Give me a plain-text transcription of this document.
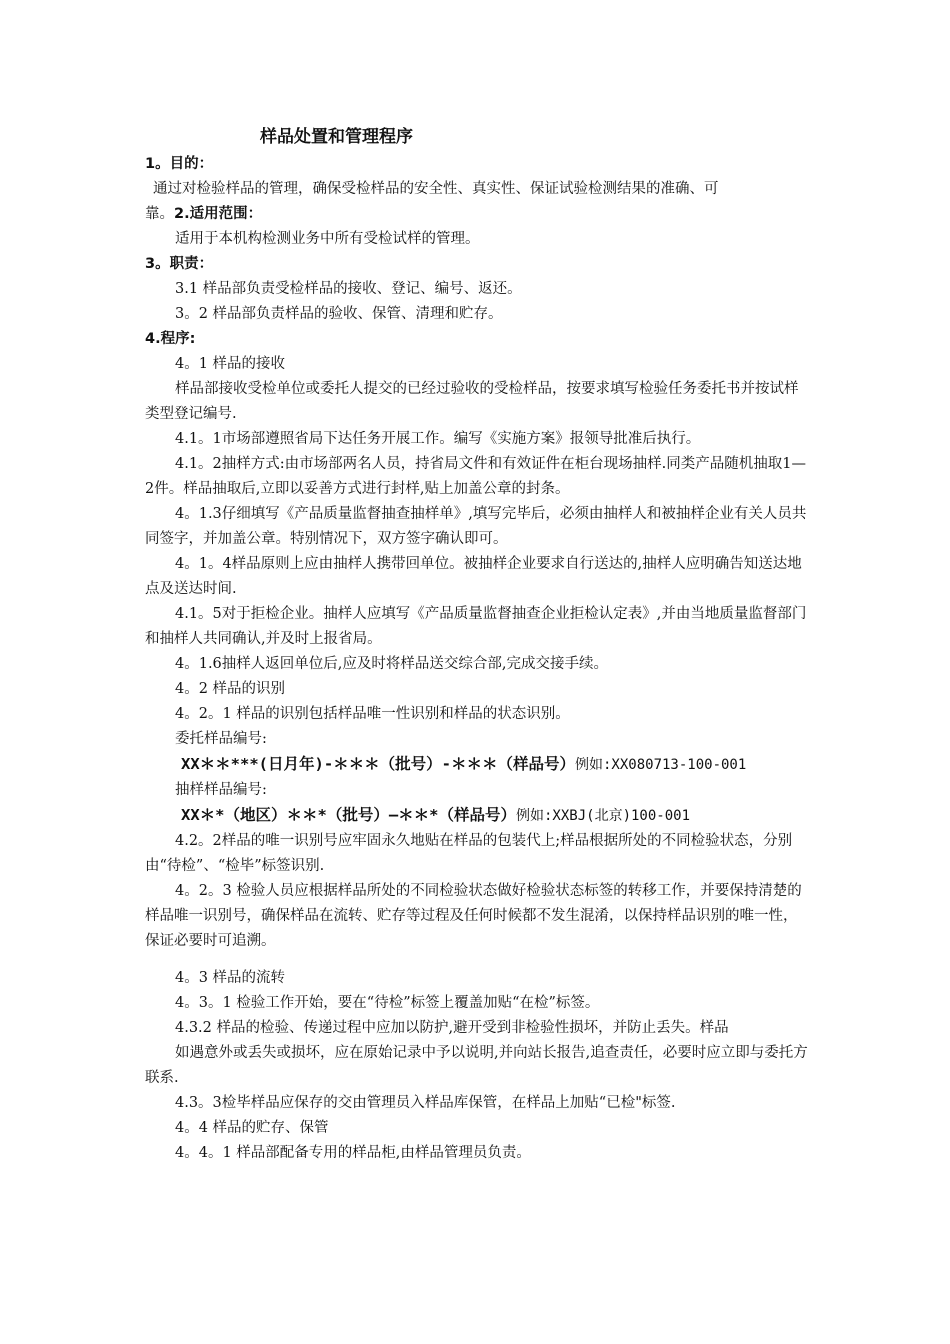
样品处置和管理程序

1。目的：

通过对检验样品的管理，确保受检样品的安全性、真实性、保证试验检测结果的准确、可

靠。2.适用范围：

适用于本机构检测业务中所有受检试样的管理。

3。职责：

3.1 样品部负责受检样品的接收、登记、编号、返还。

3。2 样品部负责样品的验收、保管、清理和贮存。

4.程序:

4。1 样品的接收

样品部接收受检单位或委托人提交的已经过验收的受检样品，按要求填写检验任务委托书并按试样类型登记编号.

4.1。1市场部遵照省局下达任务开展工作。编写《实施方案》报领导批准后执行。

4.1。2抽样方式:由市场部两名人员，持省局文件和有效证件在柜台现场抽样.同类产品随机抽取1—2件。样品抽取后,立即以妥善方式进行封样,贴上加盖公章的封条。

4。1.3仔细填写《产品质量监督抽查抽样单》,填写完毕后，必须由抽样人和被抽样企业有关人员共同签字，并加盖公章。特别情况下，双方签字确认即可。

4。1。4样品原则上应由抽样人携带回单位。被抽样企业要求自行送达的,抽样人应明确告知送达地点及送达时间.

4.1。5对于拒检企业。抽样人应填写《产品质量监督抽查企业拒检认定表》,并由当地质量监督部门和抽样人共同确认,并及时上报省局。

4。1.6抽样人返回单位后,应及时将样品送交综合部,完成交接手续。

4。2 样品的识别

4。2。1 样品的识别包括样品唯一性识别和样品的状态识别。

委托样品编号:

XX＊＊***(日月年)-＊＊＊（批号）-＊＊＊（样品号）例如:XX080713-100-001

抽样样品编号:

XX＊*（地区）＊＊*（批号）—＊＊*（样品号）例如:XXBJ(北京)100-001

4.2。2样品的唯一识别号应牢固永久地贴在样品的包装代上;样品根据所处的不同检验状态，分别由“待检”、“检毕”标签识别.

4。2。3 检验人员应根据样品所处的不同检验状态做好检验状态标签的转移工作，并要保持清楚的样品唯一识别号，确保样品在流转、贮存等过程及任何时候都不发生混淆，以保持样品识别的唯一性，保证必要时可追溯。

4。3 样品的流转

4。3。1 检验工作开始，要在“待检”标签上覆盖加贴“在检”标签。

4.3.2 样品的检验、传递过程中应加以防护,避开受到非检验性损坏，并防止丢失。样品

如遇意外或丢失或损坏，应在原始记录中予以说明,并向站长报告,追查责任，必要时应立即与委托方联系.

4.3。3检毕样品应保存的交由管理员入样品库保管，在样品上加贴“已检"标签.

4。4 样品的贮存、保管

4。4。1 样品部配备专用的样品柜,由样品管理员负责。
